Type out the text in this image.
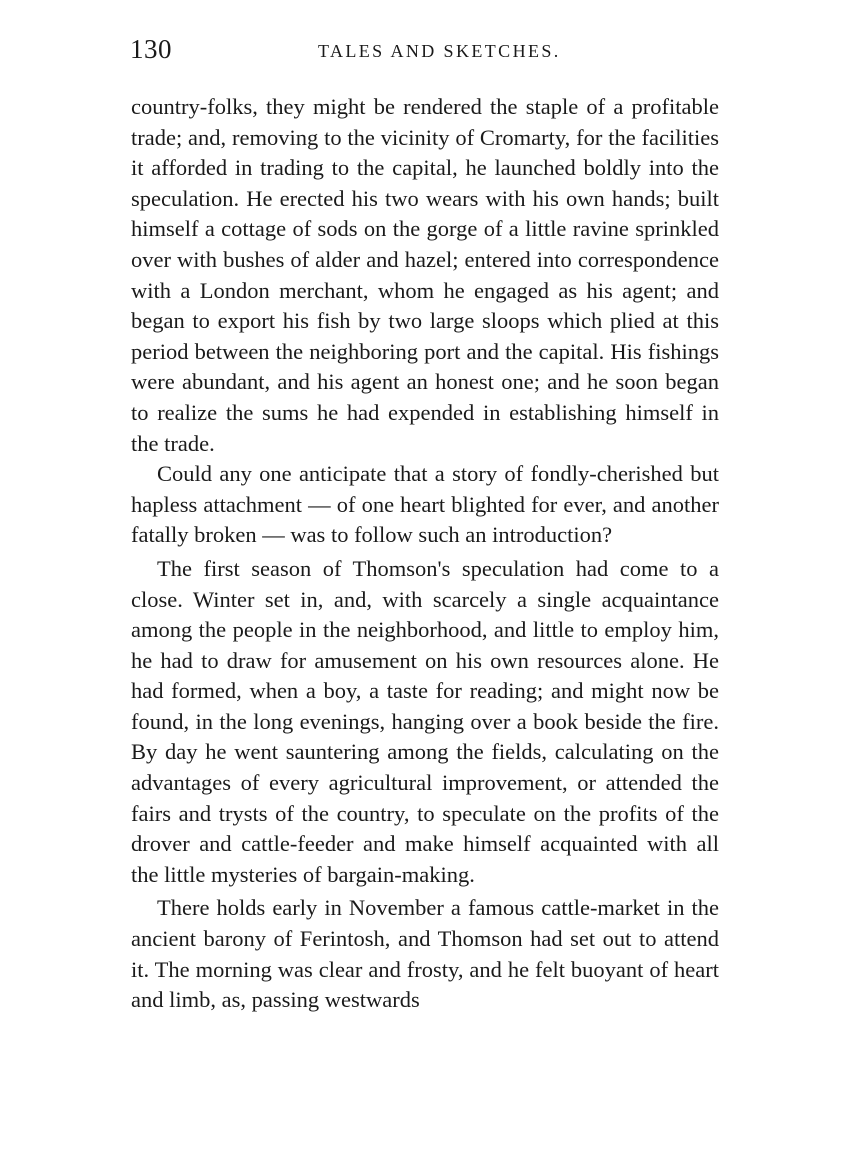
130	TALES AND SKETCHES.

country-folks, they might be rendered the staple of a profitable trade; and, removing to the vicinity of Cromarty, for the facilities it afforded in trading to the capital, he launched boldly into the speculation. He erected his two wears with his own hands; built himself a cottage of sods on the gorge of a little ravine sprinkled over with bushes of alder and hazel; entered into correspondence with a London merchant, whom he engaged as his agent; and began to export his fish by two large sloops which plied at this period between the neighboring port and the capital. His fishings were abundant, and his agent an honest one; and he soon began to realize the sums he had expended in establishing himself in the trade.

Could any one anticipate that a story of fondly-cherished but hapless attachment — of one heart blighted for ever, and another fatally broken — was to follow such an introduction?

The first season of Thomson's speculation had come to a close. Winter set in, and, with scarcely a single acquaintance among the people in the neighborhood, and little to employ him, he had to draw for amusement on his own resources alone. He had formed, when a boy, a taste for reading; and might now be found, in the long evenings, hanging over a book beside the fire. By day he went sauntering among the fields, calculating on the advantages of every agricultural improvement, or attended the fairs and trysts of the country, to speculate on the profits of the drover and cattle-feeder and make himself acquainted with all the little mysteries of bargain-making.

There holds early in November a famous cattle-market in the ancient barony of Ferintosh, and Thomson had set out to attend it. The morning was clear and frosty, and he felt buoyant of heart and limb, as, passing westwards
